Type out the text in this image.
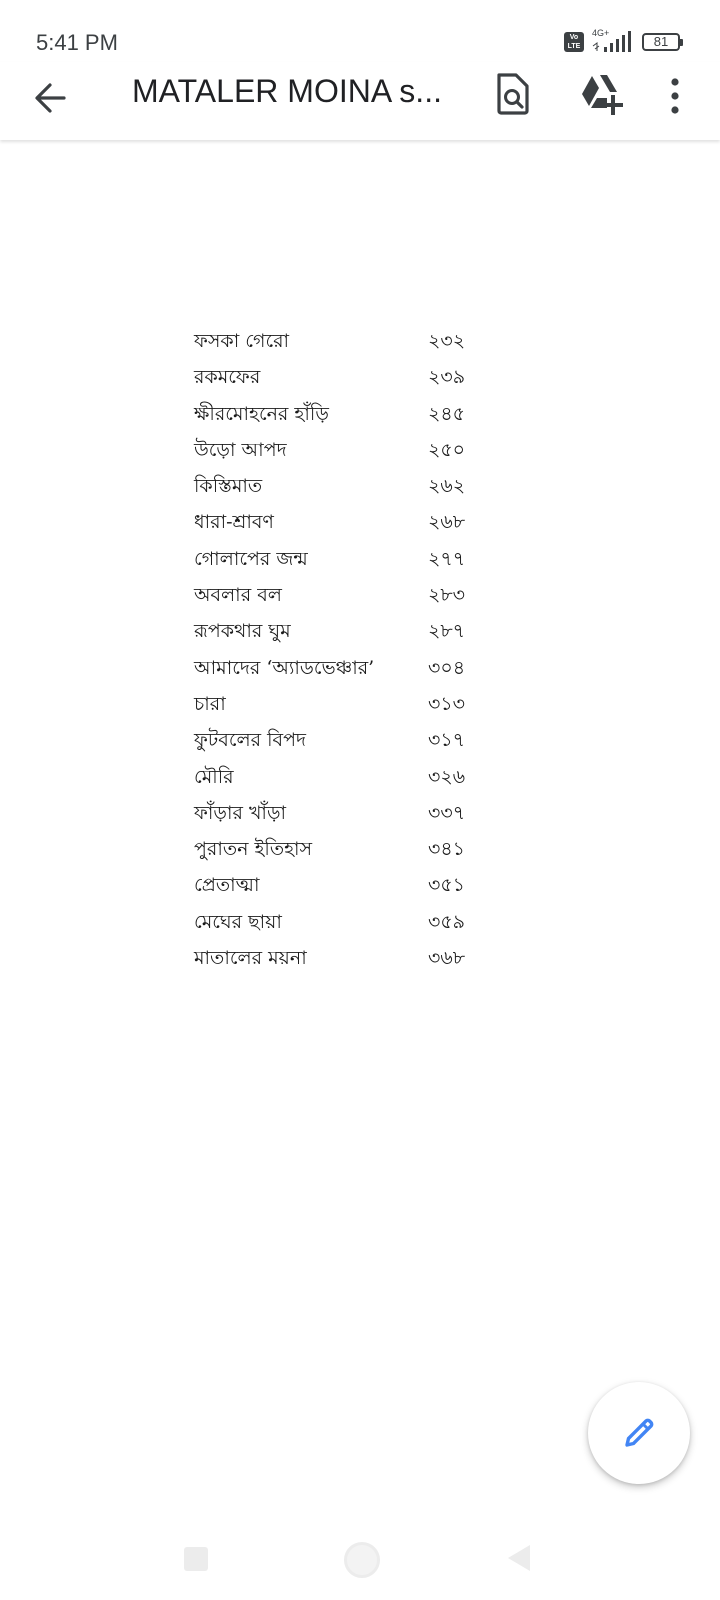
5:41 PM	Vo LTE
4G+
81
MATALER MOINA s...
ফসকা গেরো	২৩২
রকমফের	২৩৯
ক্ষীরমোহনের হাঁড়ি	২৪৫
উড়ো আপদ	২৫০
কিস্তিমাত	২৬২
ধারা-শ্রাবণ	২৬৮
গোলাপের জন্ম	২৭৭
অবলার বল	২৮৩
রূপকথার ঘুম	২৮৭
আমাদের ‘অ্যাডভেঞ্চার’	৩০৪
চারা	৩১৩
ফুটবলের বিপদ	৩১৭
মৌরি	৩২৬
ফাঁড়ার খাঁড়া	৩৩৭
পুরাতন ইতিহাস	৩৪১
প্রেতাত্মা	৩৫১
মেঘের ছায়া	৩৫৯
মাতালের ময়না	৩৬৮
